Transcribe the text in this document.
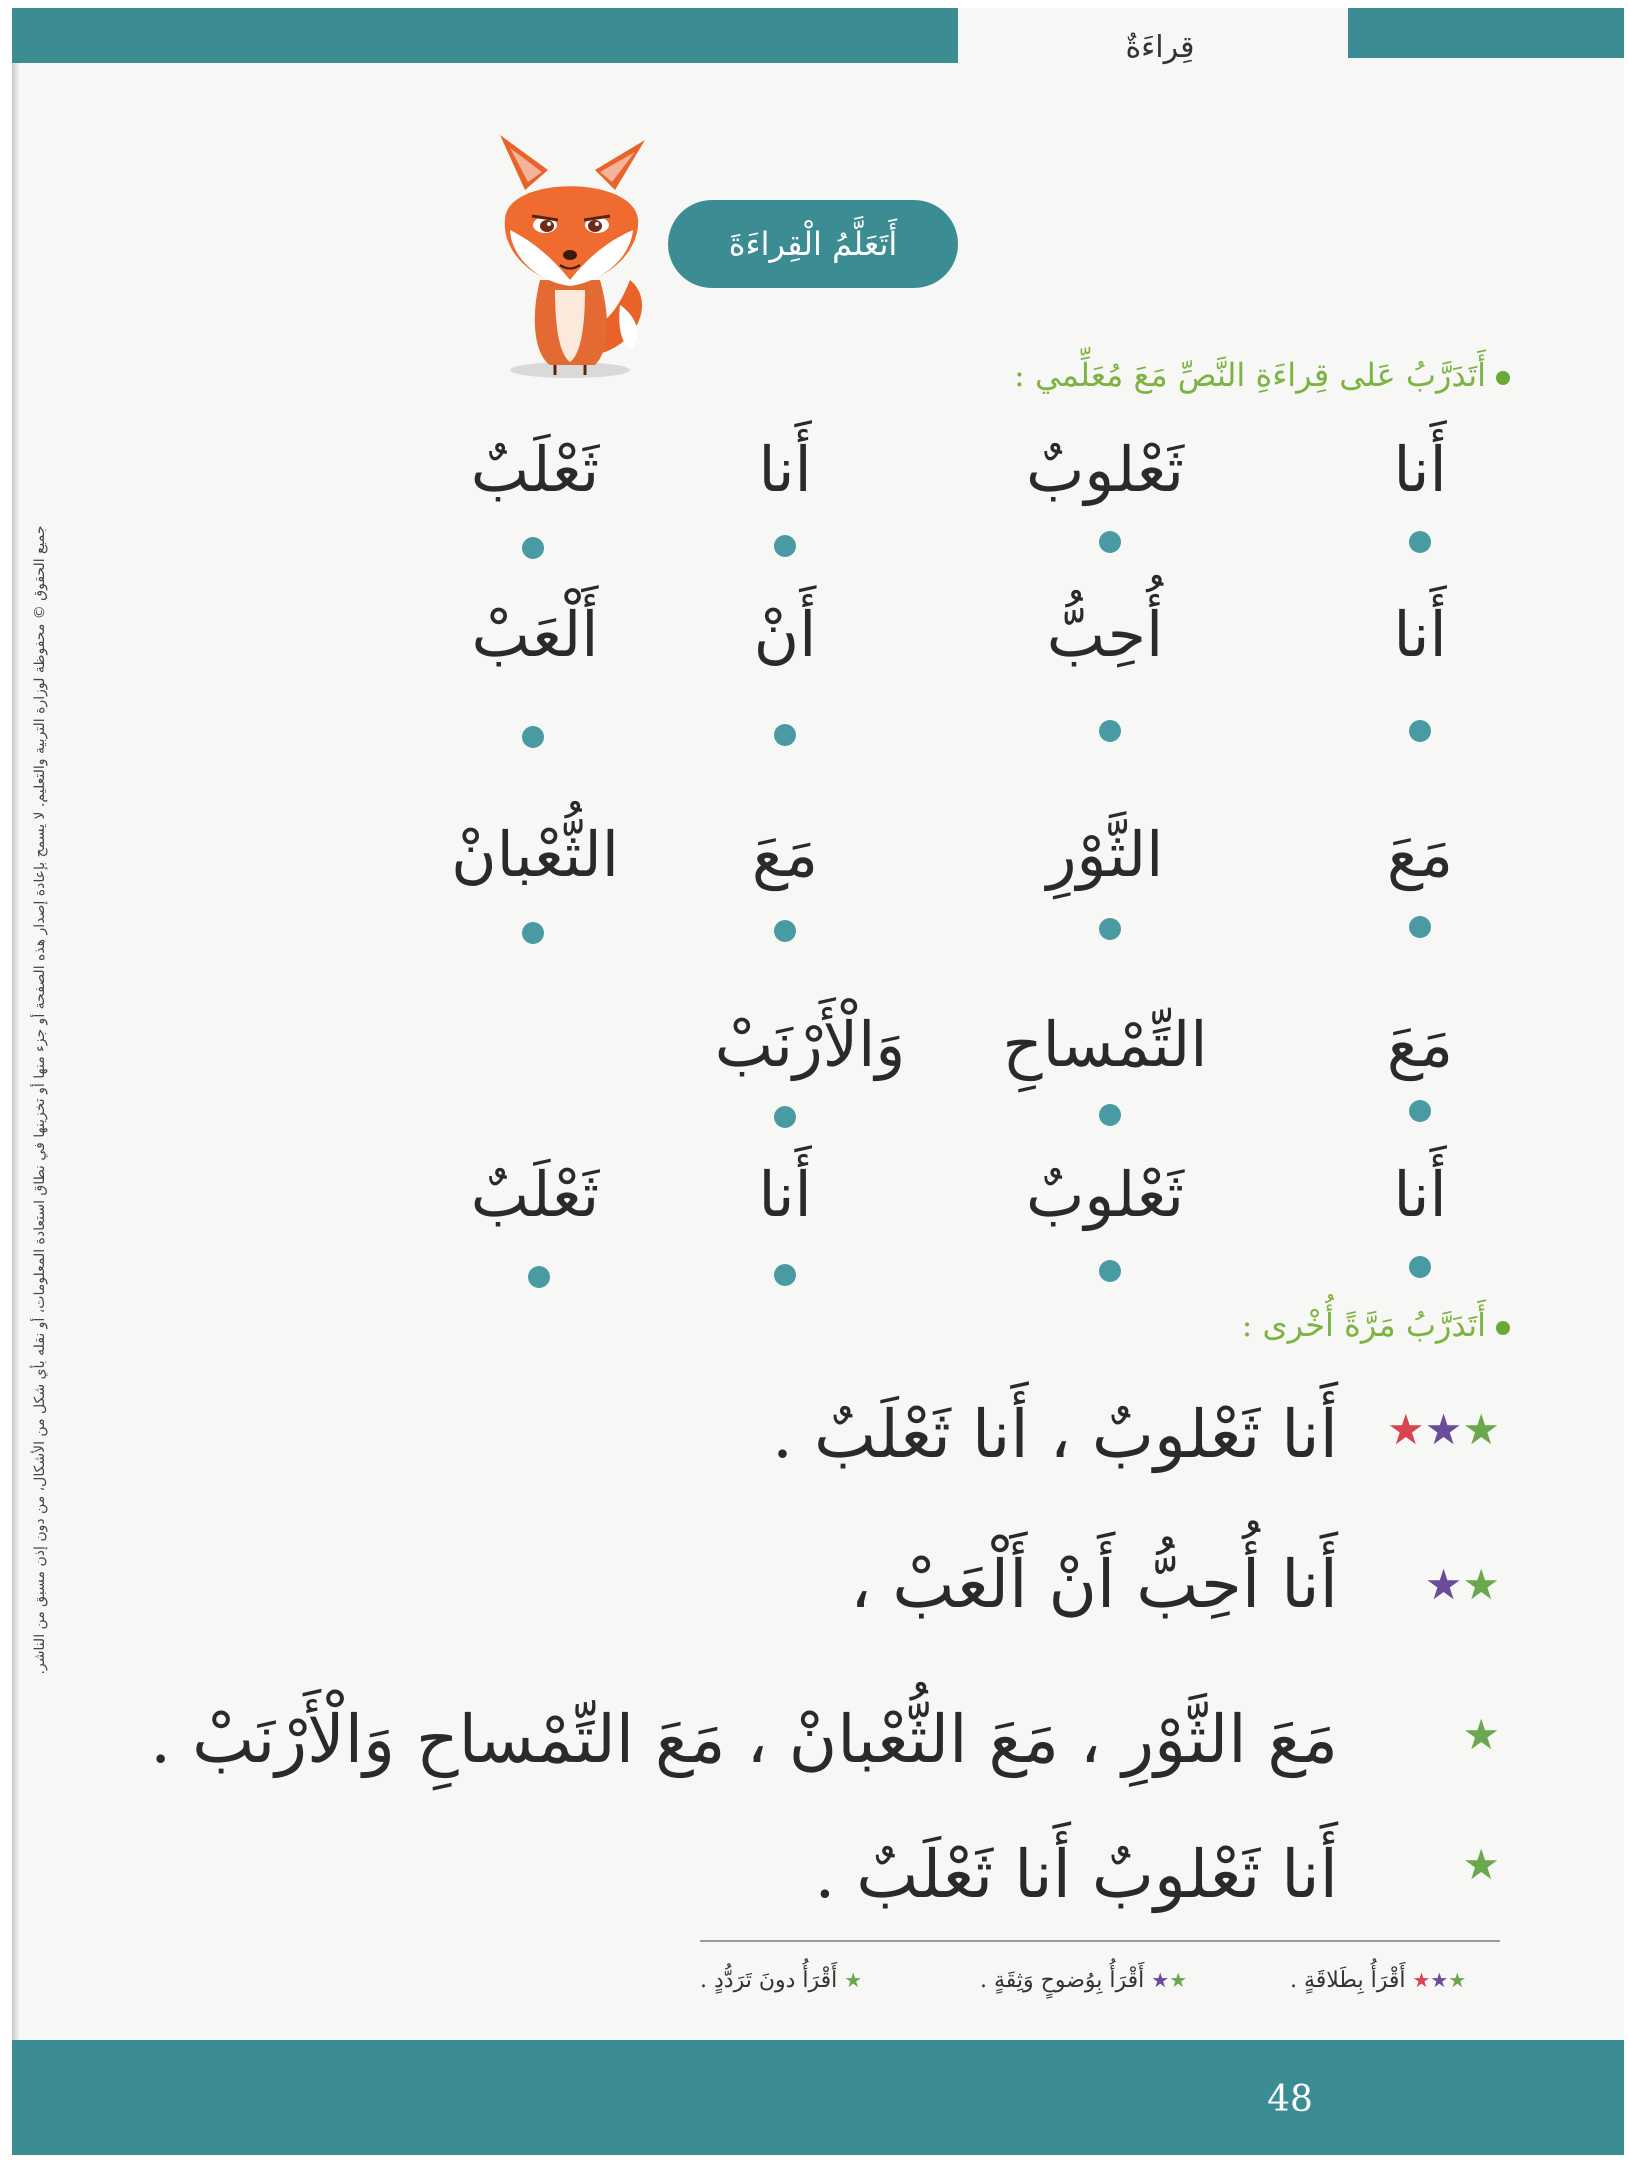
قِراءَةٌ
أَتَعَلَّمُ الْقِراءَةَ
أَتَدَرَّبُ عَلى قِراءَةِ النَّصِّ مَعَ مُعَلِّمي :
أَنا
ثَعْلوبٌ
أَنا
ثَعْلَبٌ
أَنا
أُحِبُّ
أَنْ
أَلْعَبْ
مَعَ
الثَّوْرِ
مَعَ
الثُّعْبانْ
مَعَ
التِّمْساحِ
وَالْأَرْنَبْ
أَنا
ثَعْلوبٌ
أَنا
ثَعْلَبٌ
أَتَدَرَّبُ مَرَّةً أُخْرى :
★★★
أَنا ثَعْلوبٌ ، أَنا ثَعْلَبٌ .
★★
أَنا أُحِبُّ أَنْ أَلْعَبْ ،
★
مَعَ الثَّوْرِ ، مَعَ الثُّعْبانْ ، مَعَ التِّمْساحِ وَالْأَرْنَبْ .
★
أَنا ثَعْلوبٌ أَنا ثَعْلَبٌ .
★★★ أَقْرَأُ بِطَلاقَةٍ .
★★ أَقْرَأُ بِوُضوحٍ وَثِقَةٍ .
★ أَقْرَأُ دونَ تَرَدُّدٍ .
جميع الحقوق © محفوظة لوزارة التربية والتعليم. لا يسمح بإعادة إصدار هذه الصفحة أو جزء منها أو تخزينها في نطاق استعادة المعلومات، أو نقله بأي شكل من الأشكال، من دون إذن مسبق من الناشر.
48
